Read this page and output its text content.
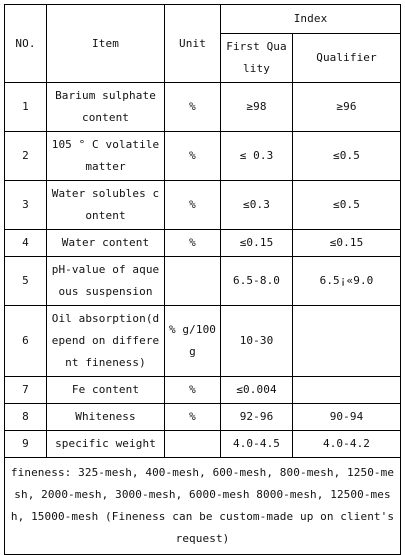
NO.	Item	Unit	Index	
			First Quality	Qualifier
1	Barium sulphate content	%	≥98	≥96
2	105 ° C volatile matter	%	≤ 0.3	≤0.5
3	Water solubles content	%	≤0.3	≤0.5
4	Water content	%	≤0.15	≤0.15
5	pH-value of aqueous suspension		6.5-8.0	6.5¡«9.0
6	Oil absorption(depend on different fineness)	% g/100g	10-30	
7	Fe content	%	≤0.004	
8	Whiteness	%	92-96	90-94
9	specific weight		4.0-4.5	4.0-4.2
fineness: 325-mesh, 400-mesh, 600-mesh, 800-mesh, 1250-mesh, 2000-mesh, 3000-mesh, 6000-mesh 8000-mesh, 12500-mesh, 15000-mesh (Fineness can be custom-made up on client's request)				
